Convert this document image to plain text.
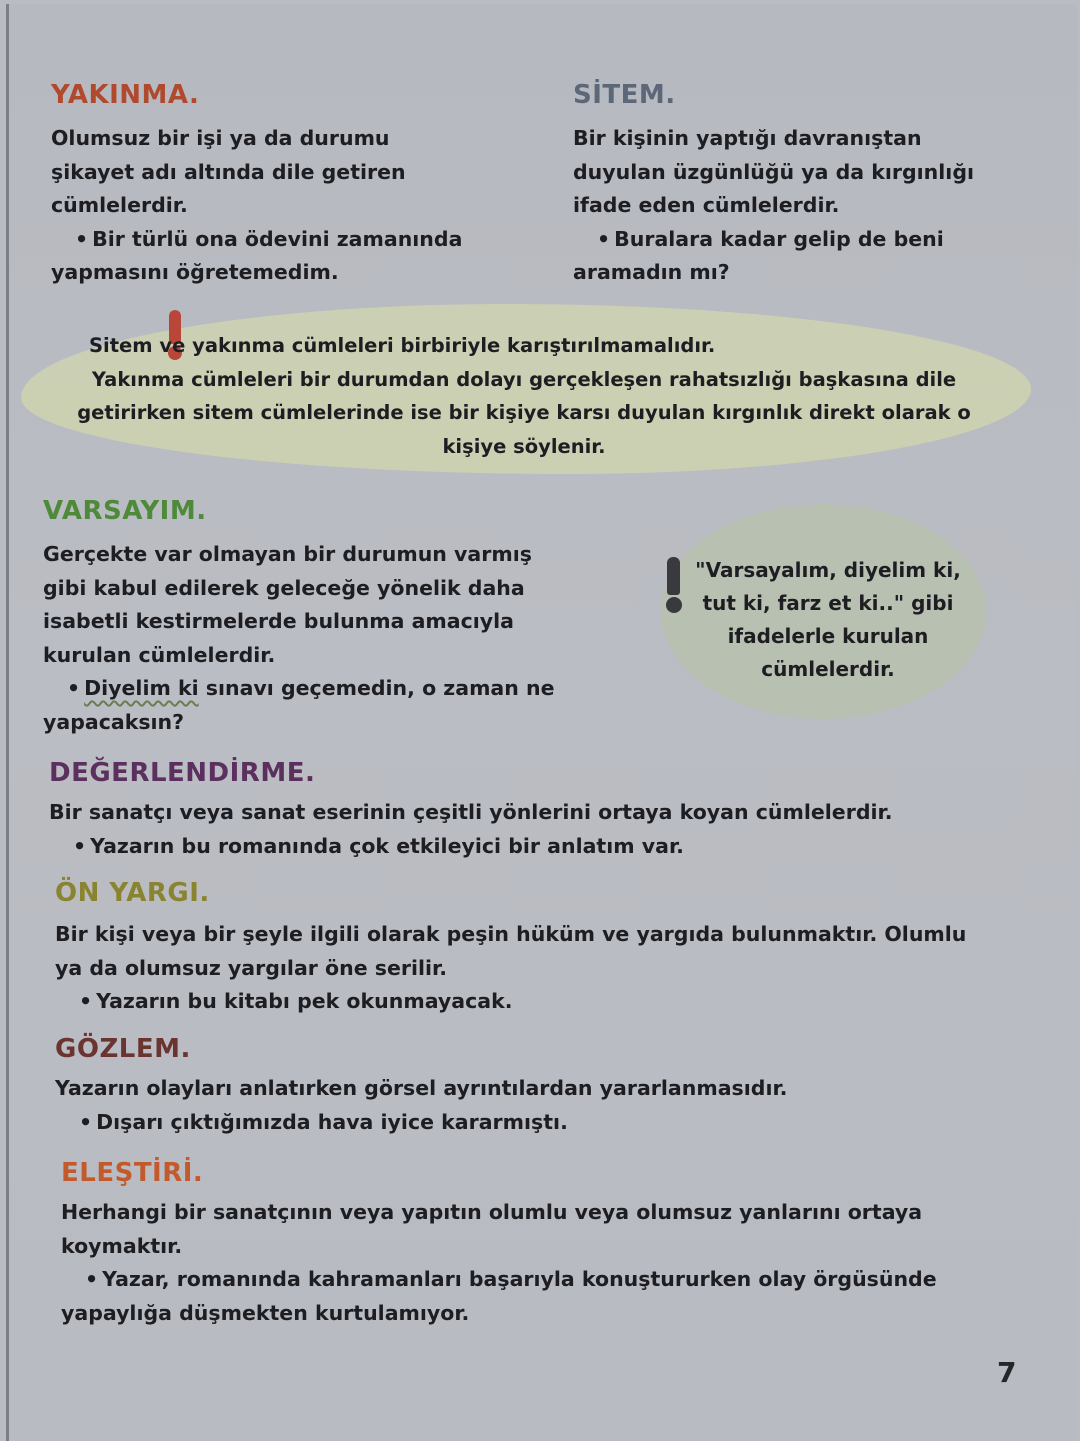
YAKINMA.
Olumsuz bir işi ya da durumu
şikayet adı altında dile getiren
cümlelerdir.
• Bir türlü ona ödevini zamanında
yapmasını öğretemedim.
SİTEM.
Bir kişinin yaptığı davranıştan
duyulan üzgünlüğü ya da kırgınlığı
ifade eden cümlelerdir.
• Buralara kadar gelip de beni
aramadın mı?
Sitem ve yakınma cümleleri birbiriyle karıştırılmamalıdır.
Yakınma cümleleri bir durumdan dolayı gerçekleşen rahatsızlığı başkasına dile
getirirken sitem cümlelerinde ise bir kişiye karsı duyulan kırgınlık direkt olarak o
kişiye söylenir.
VARSAYIM.
Gerçekte var olmayan bir durumun varmış
gibi kabul edilerek geleceğe yönelik daha
isabetli kestirmelerde bulunma amacıyla
kurulan cümlelerdir.
• Diyelim ki sınavı geçemedin, o zaman ne
yapacaksın?
"Varsayalım, diyelim ki,
tut ki, farz et ki.." gibi
ifadelerle kurulan
cümlelerdir.
DEĞERLENDİRME.
Bir sanatçı veya sanat eserinin çeşitli yönlerini ortaya koyan cümlelerdir.
• Yazarın bu romanında çok etkileyici bir anlatım var.
ÖN YARGI.
Bir kişi veya bir şeyle ilgili olarak peşin hüküm ve yargıda bulunmaktır. Olumlu
ya da olumsuz yargılar öne serilir.
• Yazarın bu kitabı pek okunmayacak.
GÖZLEM.
Yazarın olayları anlatırken görsel ayrıntılardan yararlanmasıdır.
• Dışarı çıktığımızda hava iyice kararmıştı.
ELEŞTİRİ.
Herhangi bir sanatçının veya yapıtın olumlu veya olumsuz yanlarını ortaya
koymaktır.
• Yazar, romanında kahramanları başarıyla konuştururken olay örgüsünde
yapaylığa düşmekten kurtulamıyor.
7
